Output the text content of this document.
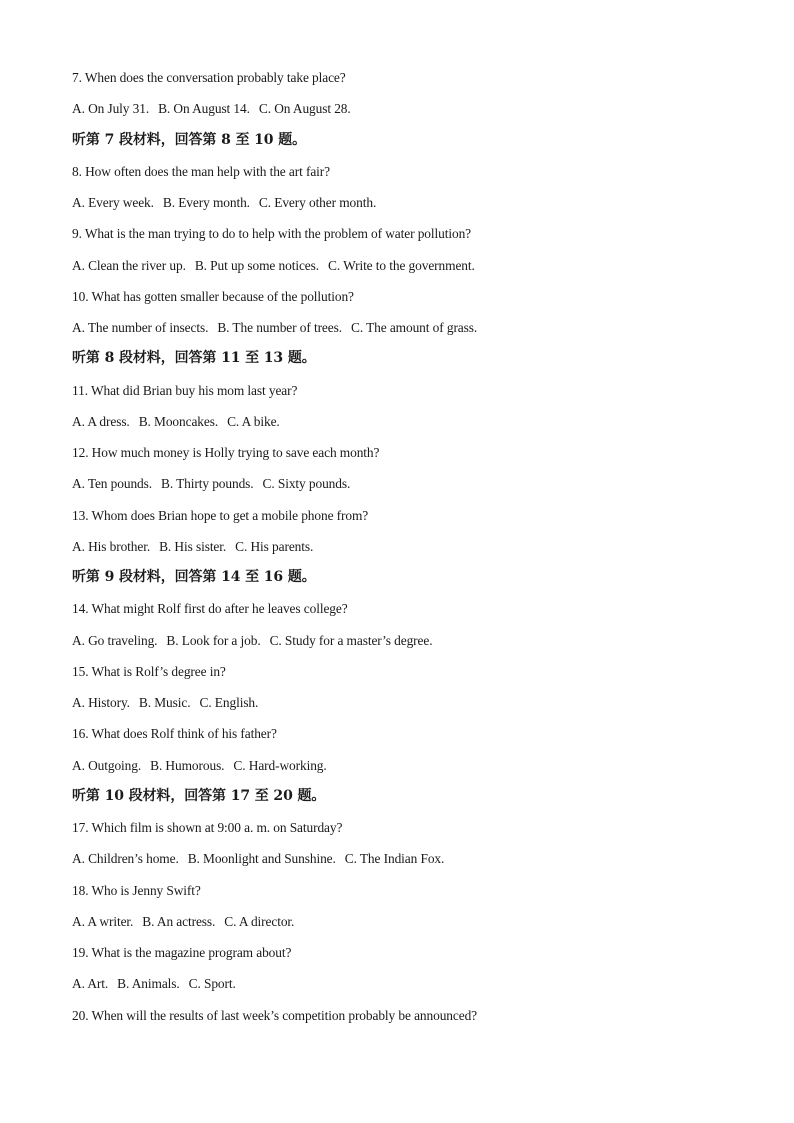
7. When does the conversation probably take place?
A. On July 31. B. On August 14. C. On August 28.
听第 7 段材料，回答第 8 至 10 题。
8. How often does the man help with the art fair?
A. Every week. B. Every month. C. Every other month.
9. What is the man trying to do to help with the problem of water pollution?
A. Clean the river up. B. Put up some notices. C. Write to the government.
10. What has gotten smaller because of the pollution?
A. The number of insects. B. The number of trees. C. The amount of grass.
听第 8 段材料，回答第 11 至 13 题。
11. What did Brian buy his mom last year?
A. A dress. B. Mooncakes. C. A bike.
12. How much money is Holly trying to save each month?
A. Ten pounds. B. Thirty pounds. C. Sixty pounds.
13. Whom does Brian hope to get a mobile phone from?
A. His brother. B. His sister. C. His parents.
听第 9 段材料，回答第 14 至 16 题。
14. What might Rolf first do after he leaves college?
A. Go traveling. B. Look for a job. C. Study for a master’s degree.
15. What is Rolf’s degree in?
A. History. B. Music. C. English.
16. What does Rolf think of his father?
A. Outgoing. B. Humorous. C. Hard-working.
听第 10 段材料，回答第 17 至 20 题。
17. Which film is shown at 9:00 a. m. on Saturday?
A. Children’s home. B. Moonlight and Sunshine. C. The Indian Fox.
18. Who is Jenny Swift?
A. A writer. B. An actress. C. A director.
19. What is the magazine program about?
A. Art. B. Animals. C. Sport.
20. When will the results of last week’s competition probably be announced?
